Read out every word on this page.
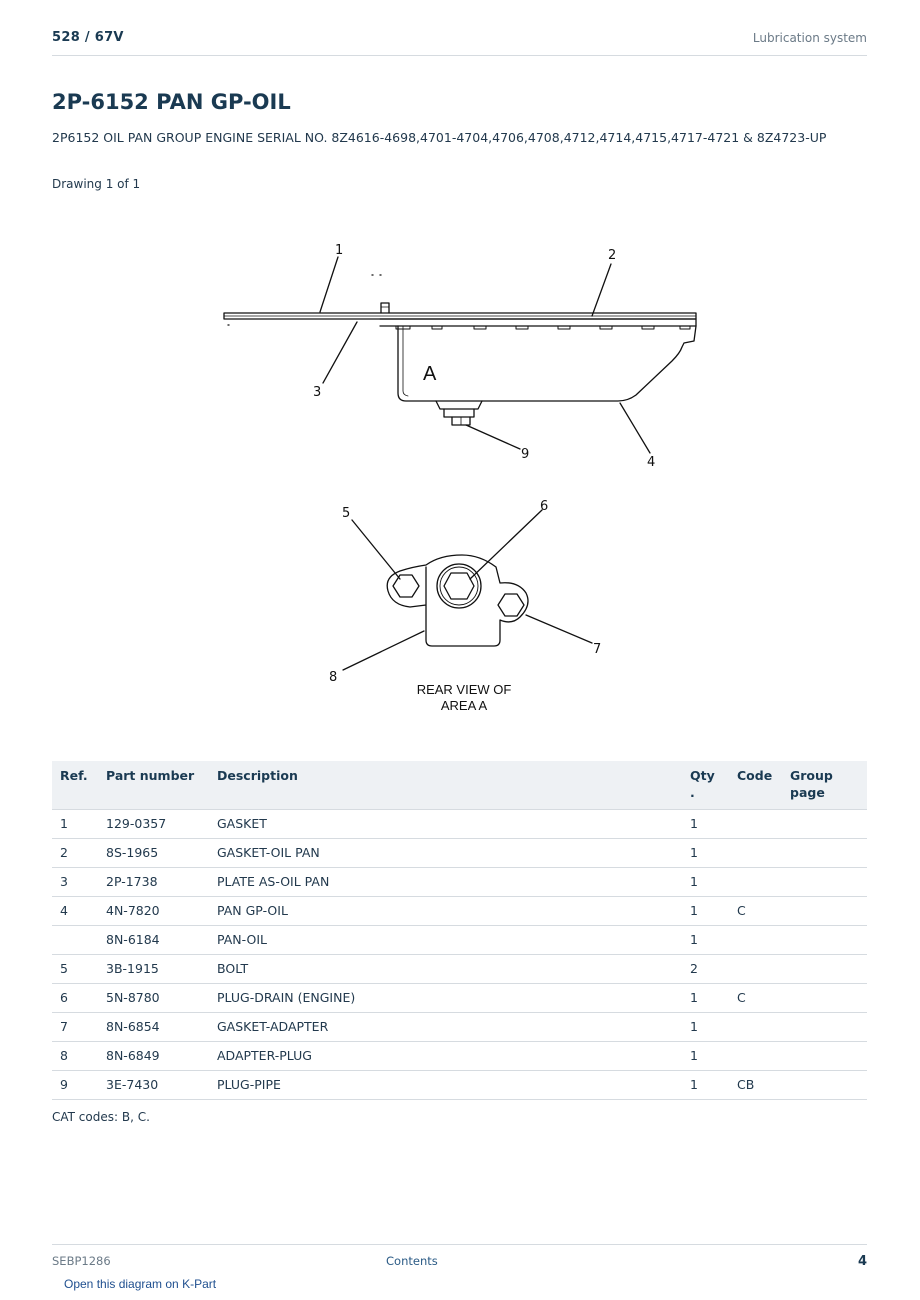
528 / 67V	Lubrication system
2P-6152 PAN GP-OIL
2P6152 OIL PAN GROUP ENGINE SERIAL NO. 8Z4616-4698,4701-4704,4706,4708,4712,4714,4715,4717-4721 & 8Z4723-UP
Drawing 1 of 1
1	2
3
4
5	6
7
8
9
A
REAR VIEW OF
AREA A
Ref.	Part number	Description	Qty .	Code	Group page
1	129-0357	GASKET	1		
2	8S-1965	GASKET-OIL PAN	1		
3	2P-1738	PLATE AS-OIL PAN	1		
4	4N-7820	PAN GP-OIL	1	C	
	8N-6184	PAN-OIL	1		
5	3B-1915	BOLT	2		
6	5N-8780	PLUG-DRAIN (ENGINE)	1	C	
7	8N-6854	GASKET-ADAPTER	1		
8	8N-6849	ADAPTER-PLUG	1		
9	3E-7430	PLUG-PIPE	1	CB	
CAT codes: B, C.
SEBP1286	Contents	4
Open this diagram on K-Part
